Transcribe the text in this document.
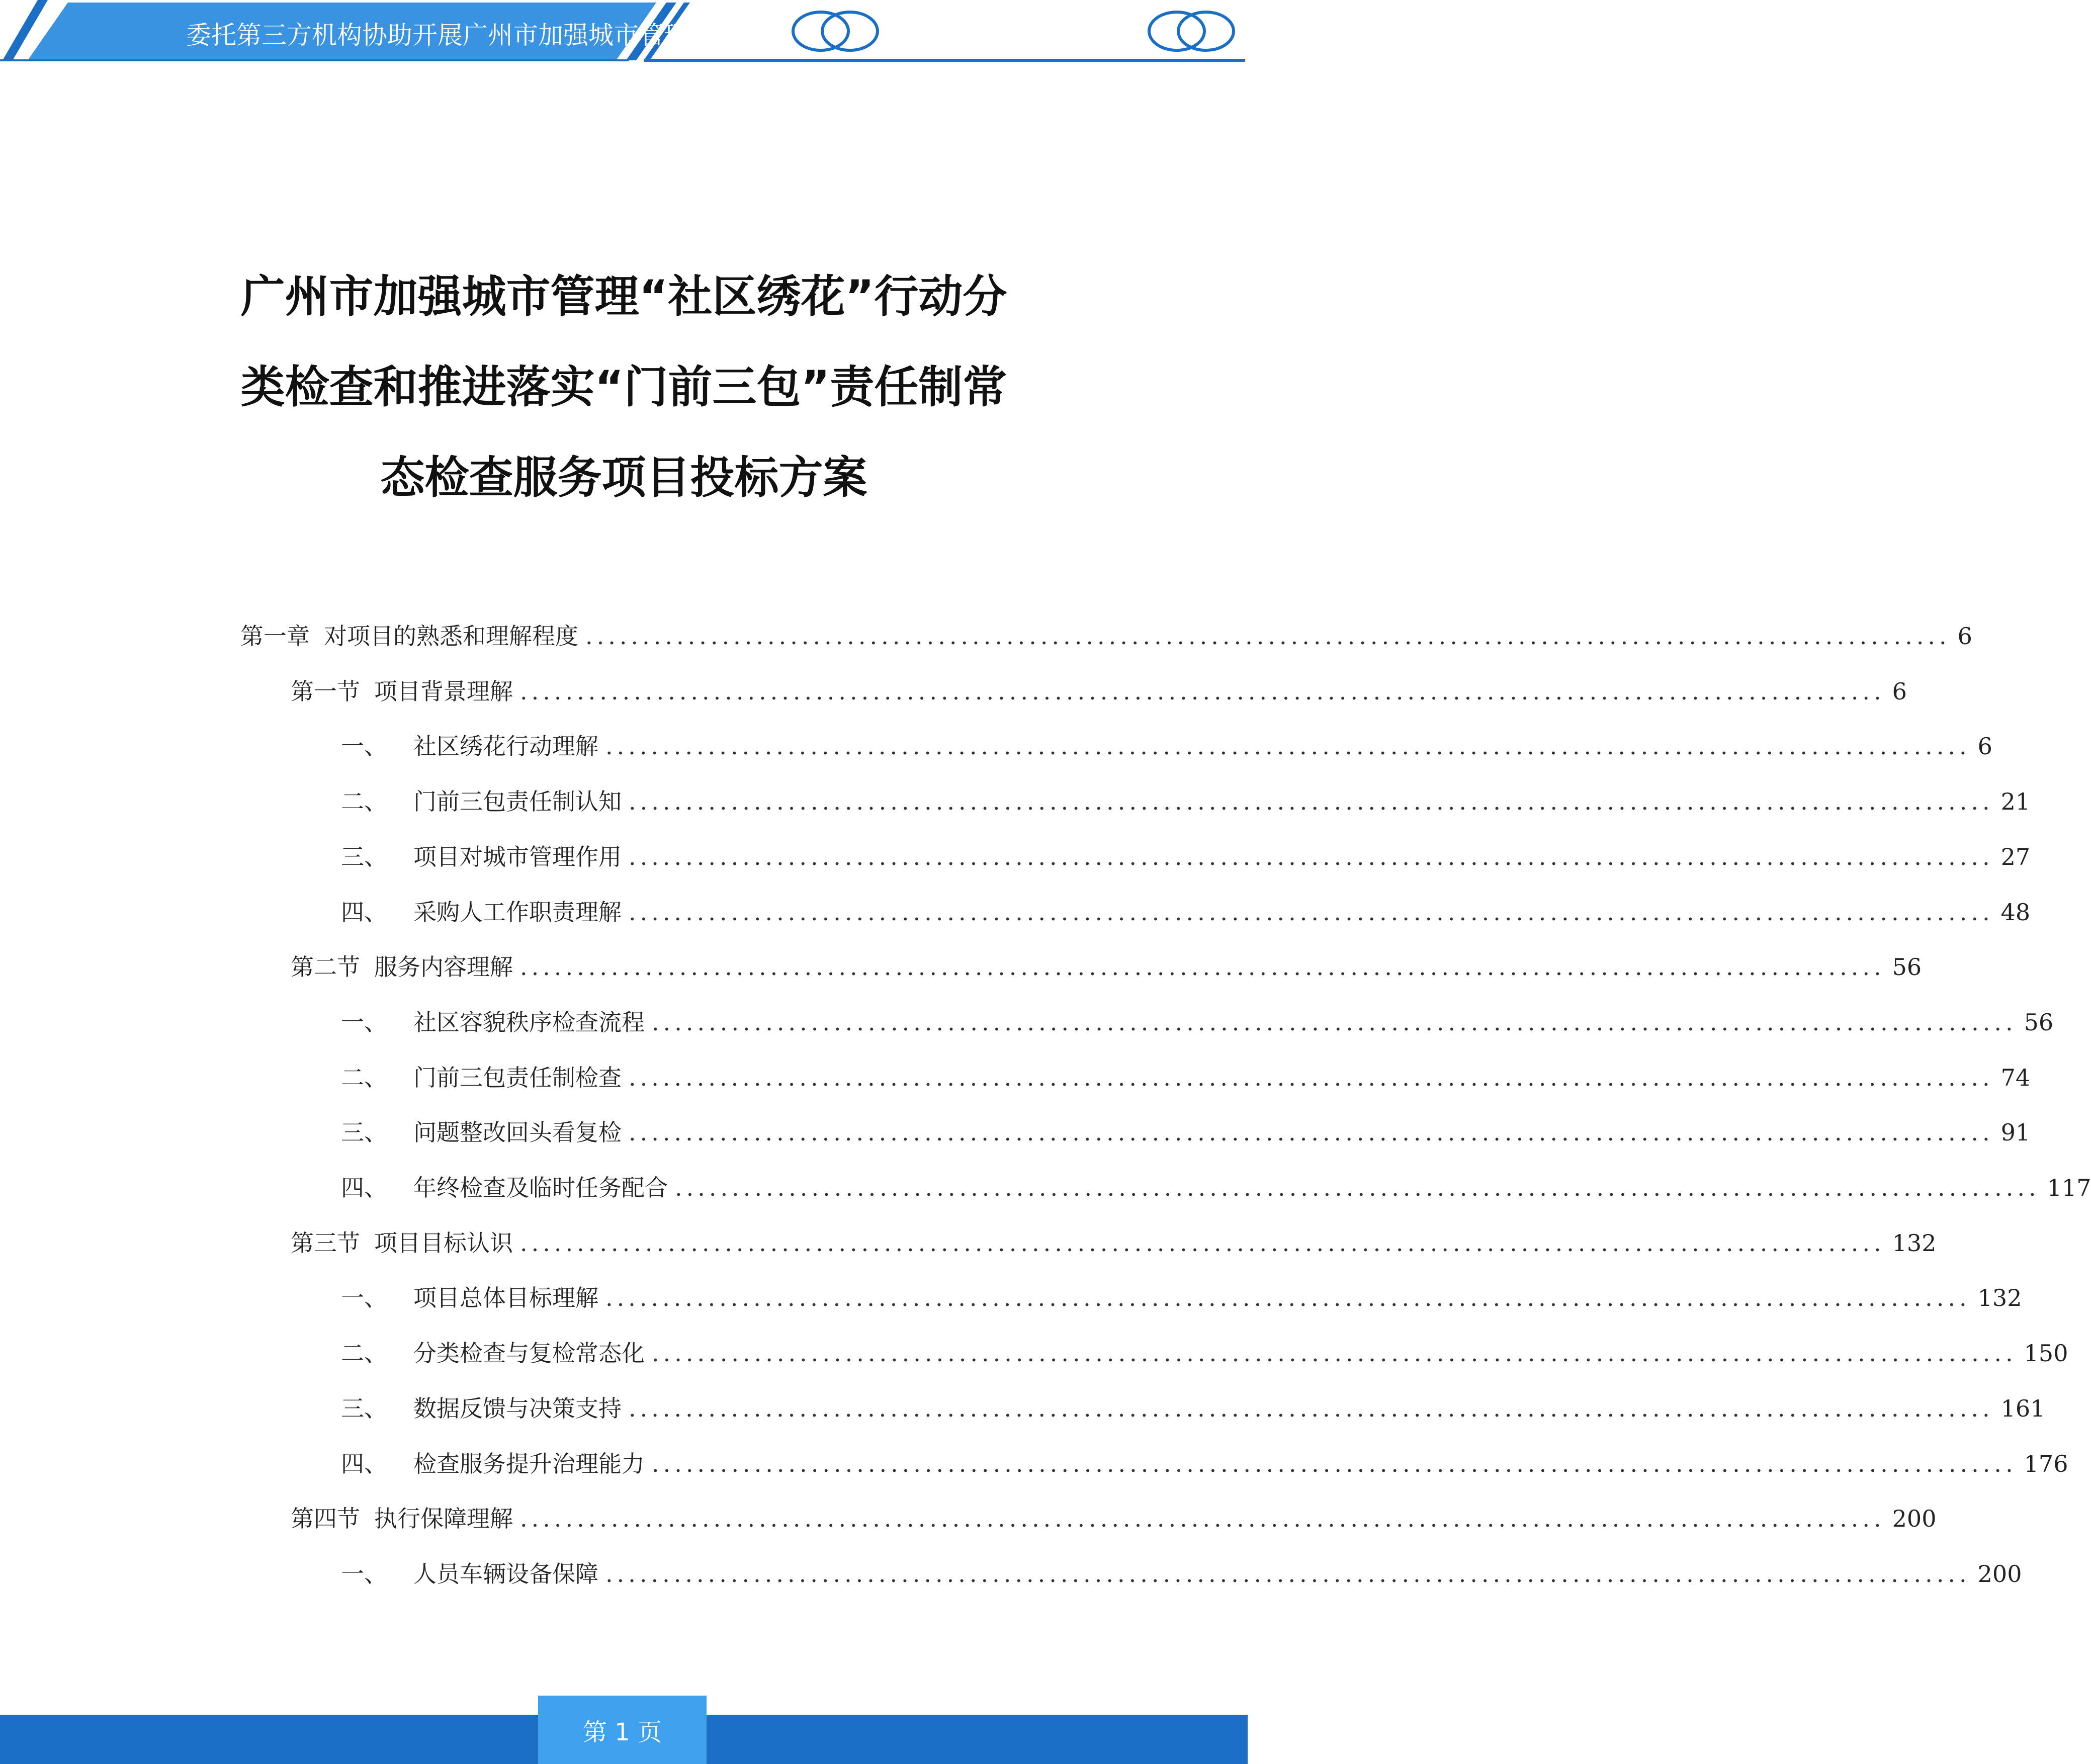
委托第三方机构协助开展广州市加强城市管理
广州市加强城市管理“社区绣花”行动分
类检查和推进落实“门前三包”责任制常
态检查服务项目投标方案
第一章 对项目的熟悉和理解程度 ........................................................................................................................ 6
第一节 项目背景理解 ........................................................................................................................ 6
一、 社区绣花行动理解 ........................................................................................................................ 6
二、 门前三包责任制认知 ........................................................................................................................ 21
三、 项目对城市管理作用 ........................................................................................................................ 27
四、 采购人工作职责理解 ........................................................................................................................ 48
第二节 服务内容理解 ........................................................................................................................ 56
一、 社区容貌秩序检查流程 ........................................................................................................................ 56
二、 门前三包责任制检查 ........................................................................................................................ 74
三、 问题整改回头看复检 ........................................................................................................................ 91
四、 年终检查及临时任务配合 ........................................................................................................................ 117
第三节 项目目标认识 ........................................................................................................................ 132
一、 项目总体目标理解 ........................................................................................................................ 132
二、 分类检查与复检常态化 ........................................................................................................................ 150
三、 数据反馈与决策支持 ........................................................................................................................ 161
四、 检查服务提升治理能力 ........................................................................................................................ 176
第四节 执行保障理解 ........................................................................................................................ 200
一、 人员车辆设备保障 ........................................................................................................................ 200
第 1 页
